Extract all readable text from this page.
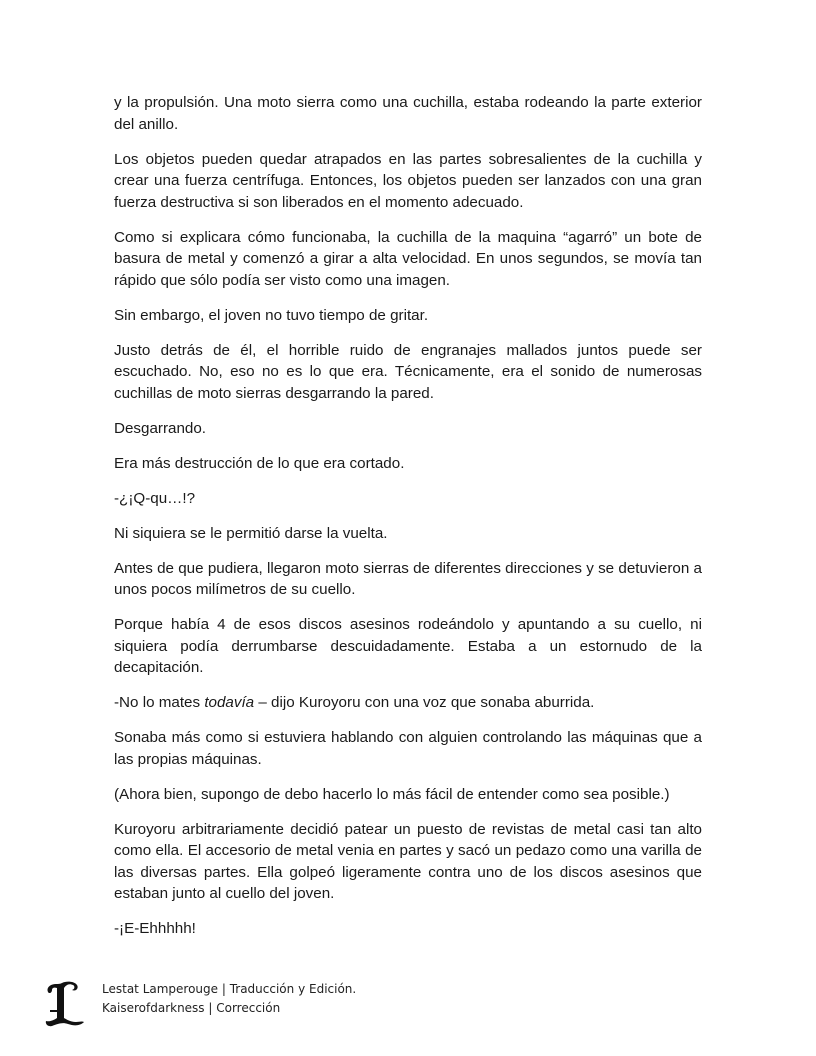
y la propulsión. Una moto sierra como una cuchilla, estaba rodeando la parte exterior del anillo.

Los objetos pueden quedar atrapados en las partes sobresalientes de la cuchilla y crear una fuerza centrífuga. Entonces, los objetos pueden ser lanzados con una gran fuerza destructiva si son liberados en el momento adecuado.

Como si explicara cómo funcionaba, la cuchilla de la maquina “agarró” un bote de basura de metal y comenzó a girar a alta velocidad. En unos segundos, se movía tan rápido que sólo podía ser visto como una imagen.

Sin embargo, el joven no tuvo tiempo de gritar.

Justo detrás de él, el horrible ruido de engranajes mallados juntos puede ser escuchado. No, eso no es lo que era. Técnicamente, era el sonido de numerosas cuchillas de moto sierras desgarrando la pared.

Desgarrando.

Era más destrucción de lo que era cortado.

-¿¡Q-qu…!?

Ni siquiera se le permitió darse la vuelta.

Antes de que pudiera, llegaron moto sierras de diferentes direcciones y se detuvieron a unos pocos milímetros de su cuello.

Porque había 4 de esos discos asesinos rodeándolo y apuntando a su cuello, ni siquiera podía derrumbarse descuidadamente. Estaba a un estornudo de la decapitación.

-No lo mates todavía – dijo Kuroyoru con una voz que sonaba aburrida.

Sonaba más como si estuviera hablando con alguien controlando las máquinas que a las propias máquinas.

(Ahora bien, supongo de debo hacerlo lo más fácil de entender como sea posible.)

Kuroyoru arbitrariamente decidió patear un puesto de revistas de metal casi tan alto como ella. El accesorio de metal venia en partes y sacó un pedazo como una varilla de las diversas partes. Ella golpeó ligeramente contra uno de los discos asesinos que estaban junto al cuello del joven.

-¡E-Ehhhhh!

Lestat Lamperouge | Traducción y Edición.
Kaiserofdarkness | Corrección
